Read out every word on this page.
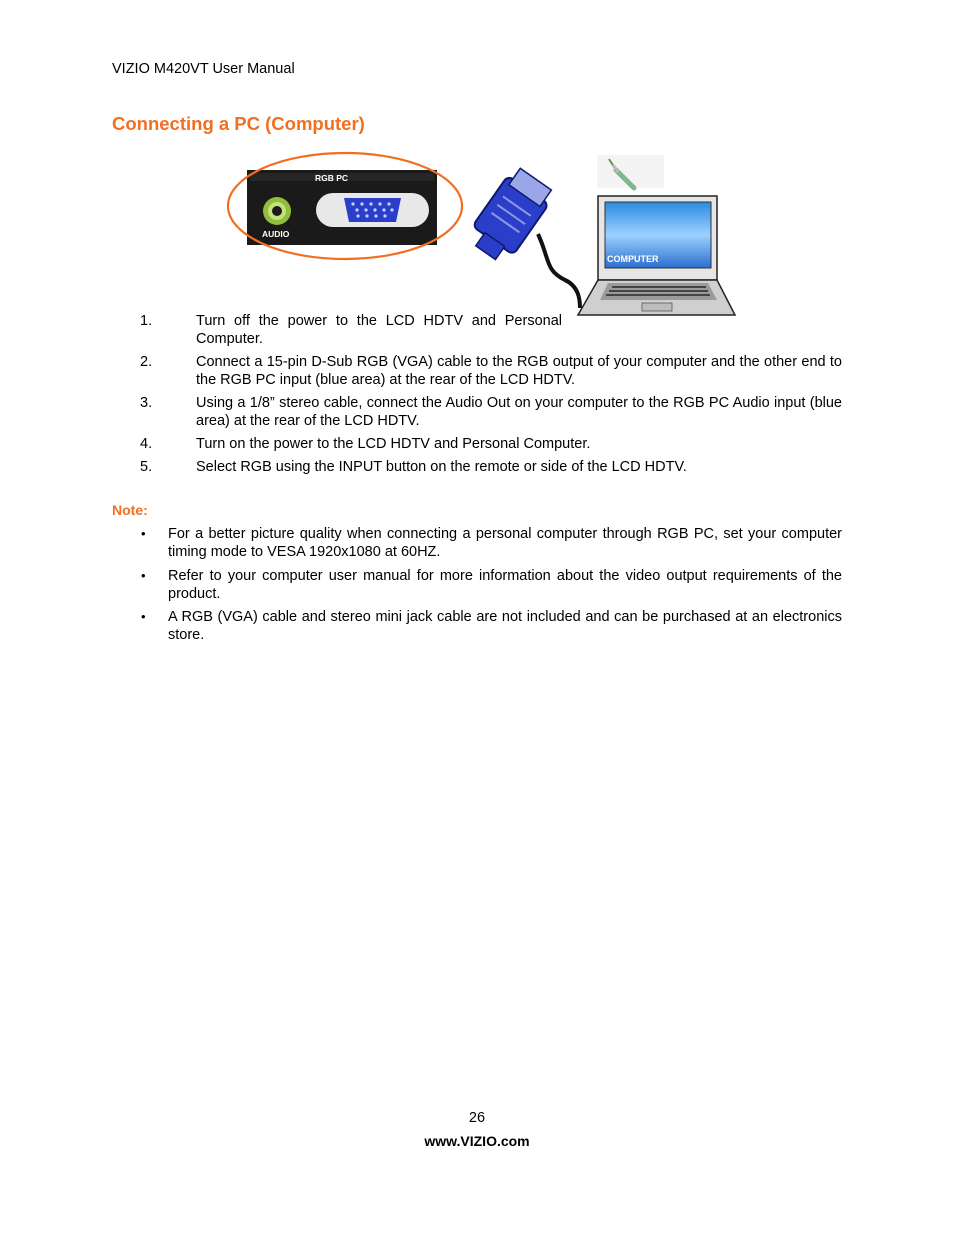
VIZIO M420VT User Manual
Connecting a PC (Computer)
RGB PC
AUDIO
COMPUTER
1.	Turn off the power to the LCD HDTV and Personal Computer.
2.	Connect a 15-pin D-Sub RGB (VGA) cable to the RGB output of your computer and the other end to the RGB PC input (blue area) at the rear of the LCD HDTV.
3.	Using a 1/8” stereo cable, connect the Audio Out on your computer to the RGB PC Audio input (blue area) at the rear of the LCD HDTV.
4.	Turn on the power to the LCD HDTV and Personal Computer.
5.	Select RGB using the INPUT button on the remote or side of the LCD HDTV.
Note:
• For a better picture quality when connecting a personal computer through RGB PC, set your computer timing mode to VESA 1920x1080 at 60HZ.
• Refer to your computer user manual for more information about the video output requirements of the product.
• A RGB (VGA) cable and stereo mini jack cable are not included and can be purchased at an electronics store.
26
www.VIZIO.com
